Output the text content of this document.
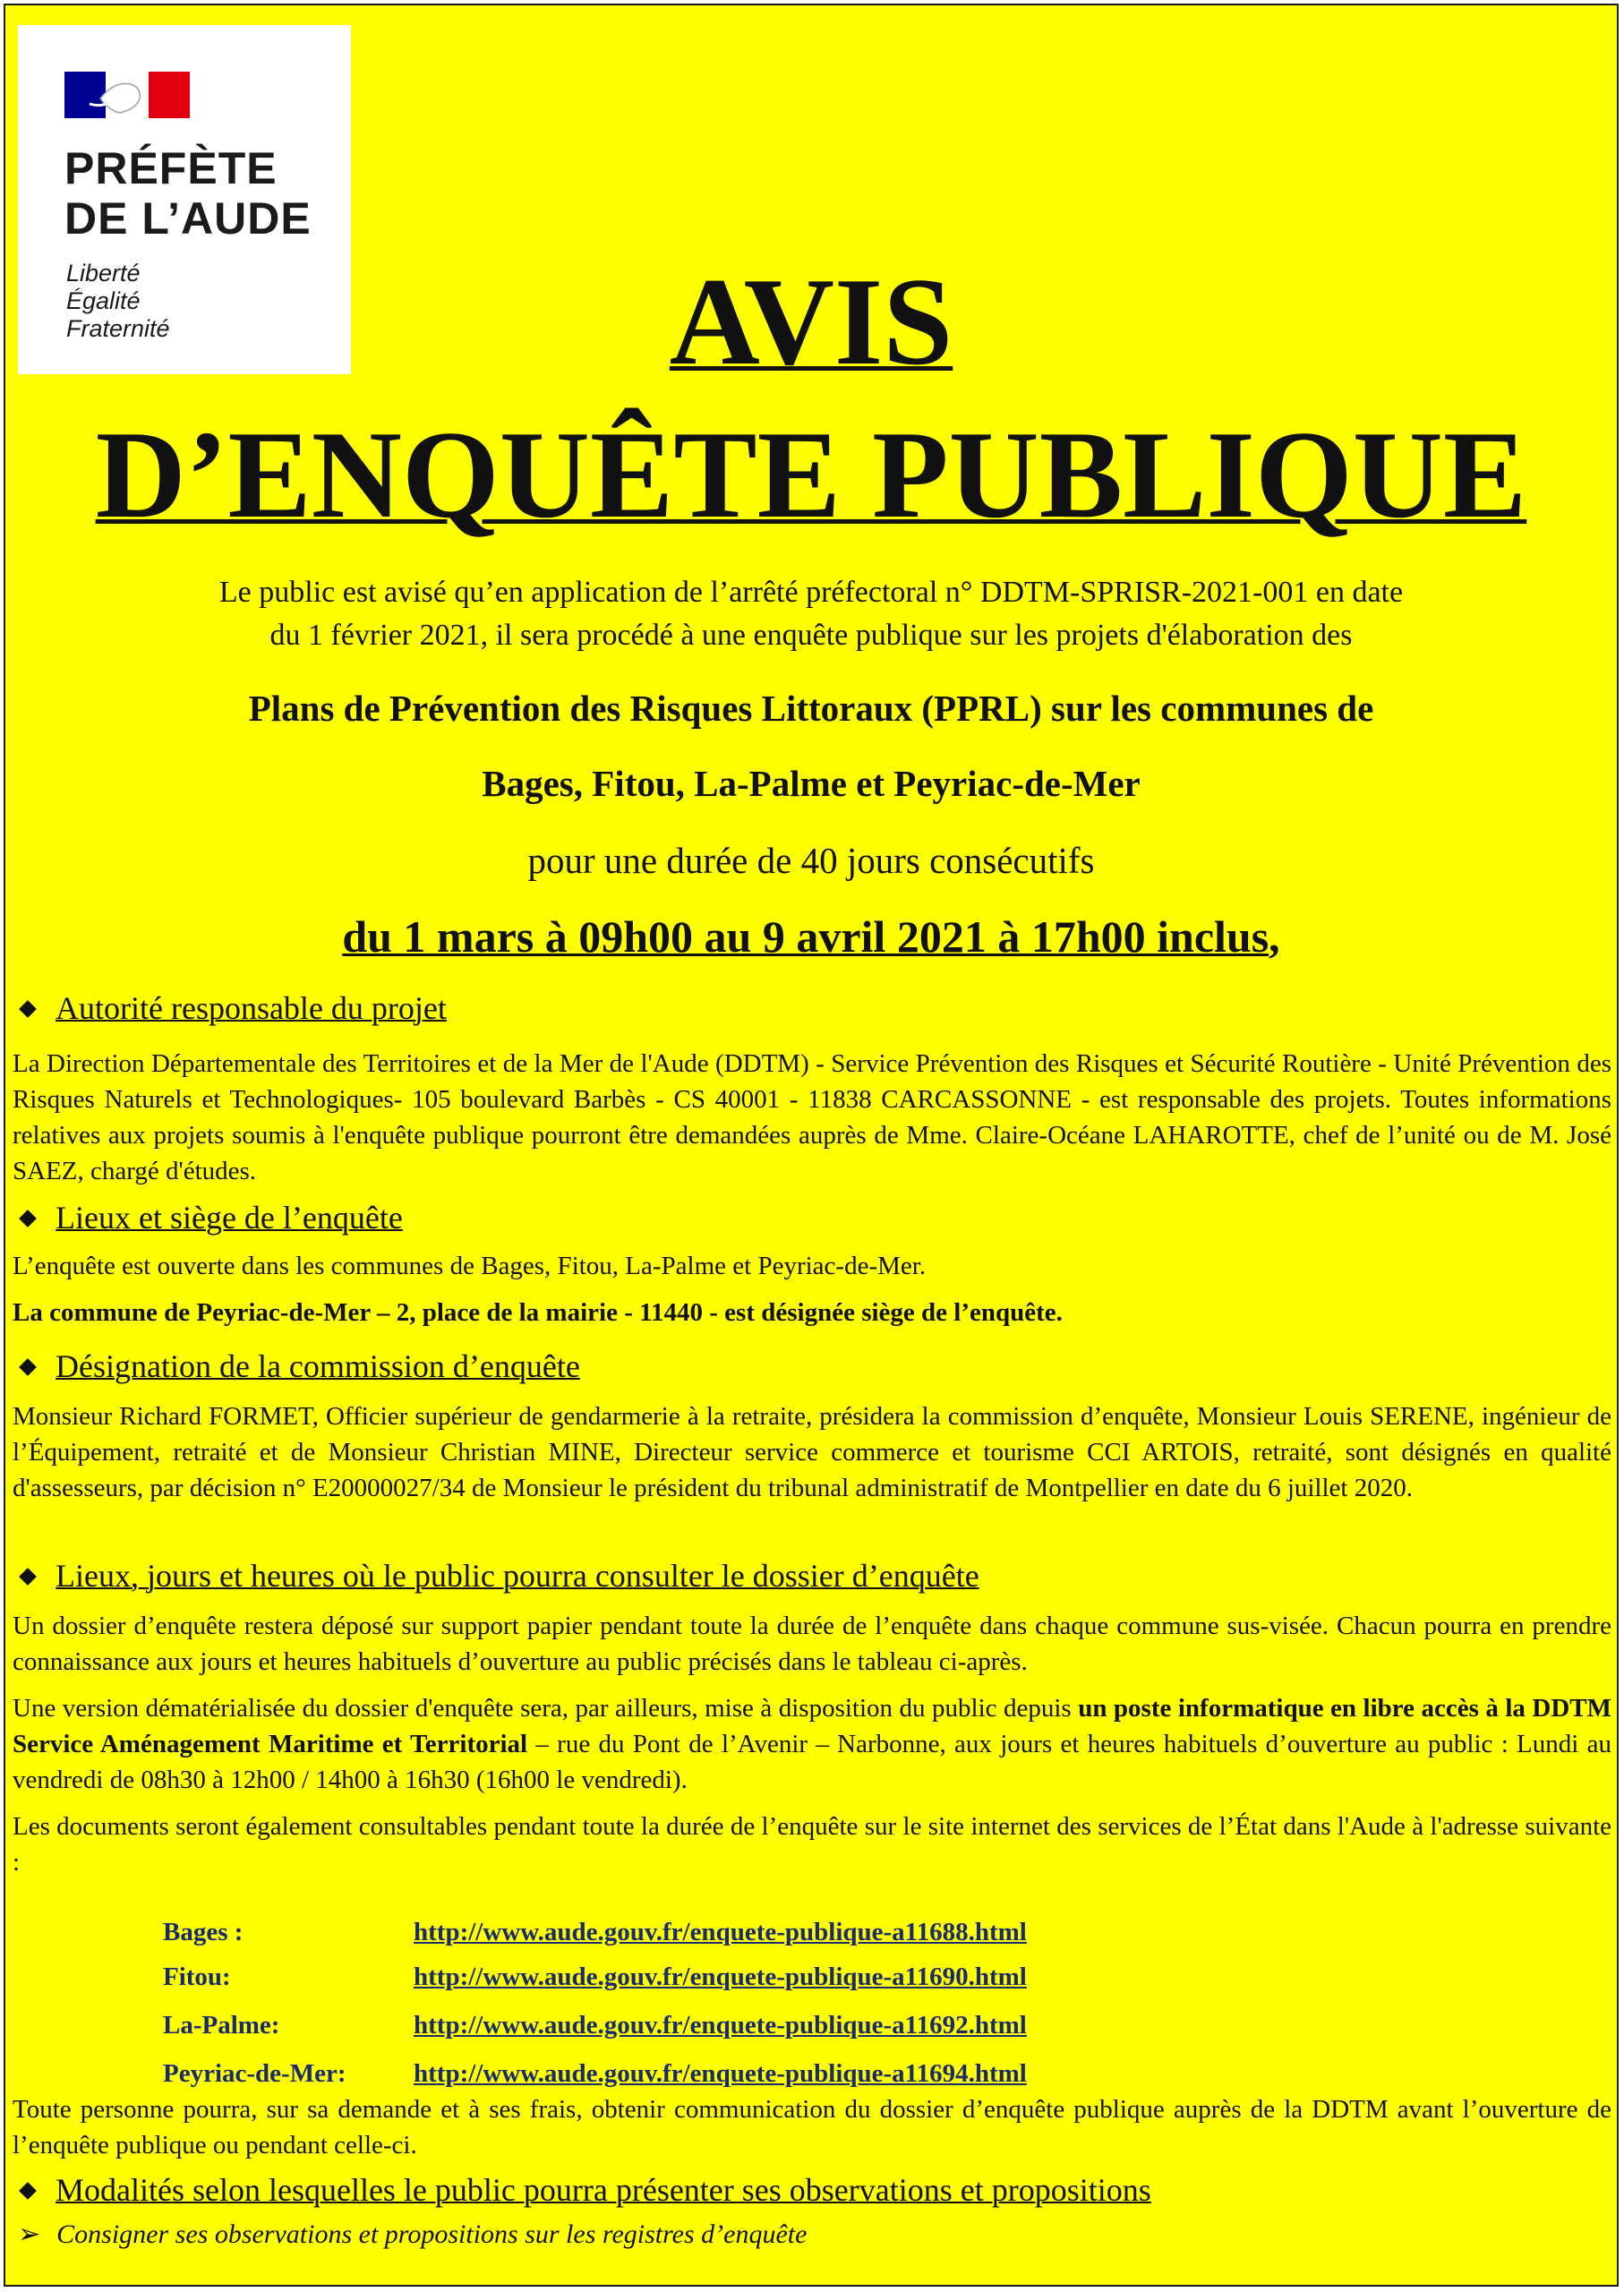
PRÉFÈTE
DE L’AUDE
Liberté
Égalité
Fraternité	AVIS
D’ENQUÊTE PUBLIQUE
Le public est avisé qu’en application de l’arrêté préfectoral n° DDTM-SPRISR-2021-001 en date
du 1 février 2021, il sera procédé à une enquête publique sur les projets d'élaboration des
Plans de Prévention des Risques Littoraux (PPRL) sur les communes de
Bages, Fitou, La-Palme et Peyriac-de-Mer
pour une durée de 40 jours consécutifs
du 1 mars à 09h00 au 9 avril 2021 à 17h00 inclus,
Autorité responsable du projet
La Direction Départementale des Territoires et de la Mer de l'Aude (DDTM) - Service Prévention des Risques et Sécurité Routière - Unité Prévention des Risques Naturels et Technologiques- 105 boulevard Barbès - CS 40001 - 11838 CARCASSONNE - est responsable des projets. Toutes informations relatives aux projets soumis à l'enquête publique pourront être demandées auprès de Mme. Claire-Océane LAHAROTTE, chef de l’unité ou de M. José SAEZ, chargé d'études.
Lieux et siège de l’enquête
L’enquête est ouverte dans les communes de Bages, Fitou, La-Palme et Peyriac-de-Mer.
La commune de Peyriac-de-Mer – 2, place de la mairie - 11440 - est désignée siège de l’enquête.
Désignation de la commission d’enquête
Monsieur Richard FORMET, Officier supérieur de gendarmerie à la retraite, présidera la commission d’enquête, Monsieur Louis SERENE, ingénieur de l’Équipement, retraité et de Monsieur Christian MINE, Directeur service commerce et tourisme CCI ARTOIS, retraité, sont désignés en qualité d'assesseurs, par décision n° E20000027/34 de Monsieur le président du tribunal administratif de Montpellier en date du 6 juillet 2020.
Lieux, jours et heures où le public pourra consulter le dossier d’enquête
Un dossier d’enquête restera déposé sur support papier pendant toute la durée de l’enquête dans chaque commune sus-visée. Chacun pourra en prendre connaissance aux jours et heures habituels d’ouverture au public précisés dans le tableau ci-après.
Une version dématérialisée du dossier d'enquête sera, par ailleurs, mise à disposition du public depuis un poste informatique en libre accès à la DDTM Service Aménagement Maritime et Territorial – rue du Pont de l’Avenir – Narbonne, aux jours et heures habituels d’ouverture au public : Lundi au vendredi de 08h30 à 12h00 / 14h00 à 16h30 (16h00 le vendredi).
Les documents seront également consultables pendant toute la durée de l’enquête sur le site internet des services de l’État dans l'Aude à l'adresse suivante :
Bages :	http://www.aude.gouv.fr/enquete-publique-a11688.html
Fitou:	http://www.aude.gouv.fr/enquete-publique-a11690.html
La-Palme:	http://www.aude.gouv.fr/enquete-publique-a11692.html
Peyriac-de-Mer:	http://www.aude.gouv.fr/enquete-publique-a11694.html
Toute personne pourra, sur sa demande et à ses frais, obtenir communication du dossier d’enquête publique auprès de la DDTM avant l’ouverture de l’enquête publique ou pendant celle-ci.
Modalités selon lesquelles le public pourra présenter ses observations et propositions
➢ Consigner ses observations et propositions sur les registres d’enquête
